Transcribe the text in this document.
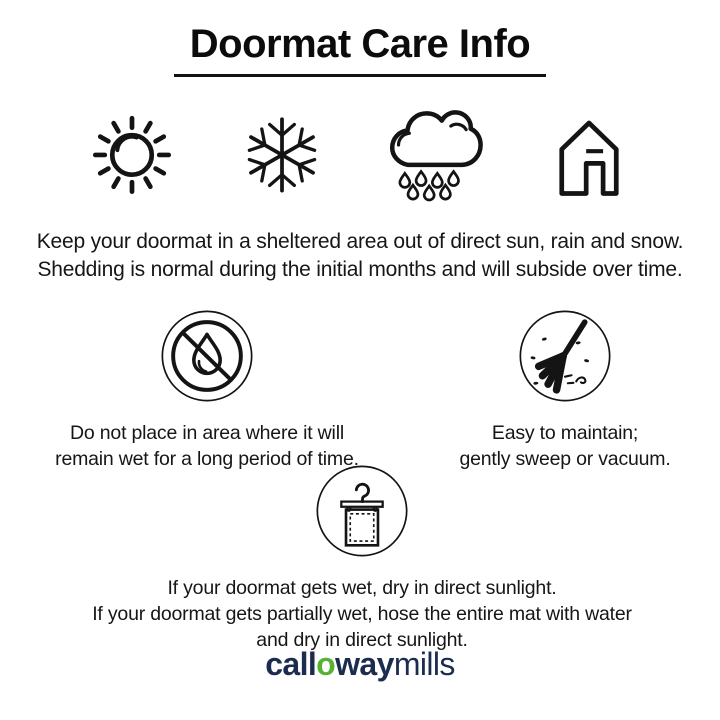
Doormat Care Info

Keep your doormat in a sheltered area out of direct sun, rain and snow.
Shedding is normal during the initial months and will subside over time.

Do not place in area where it will
remain wet for a long period of time.

Easy to maintain;
gently sweep or vacuum.

If your doormat gets wet, dry in direct sunlight.
If your doormat gets partially wet, hose the entire mat with water
and dry in direct sunlight.

callowaymills
